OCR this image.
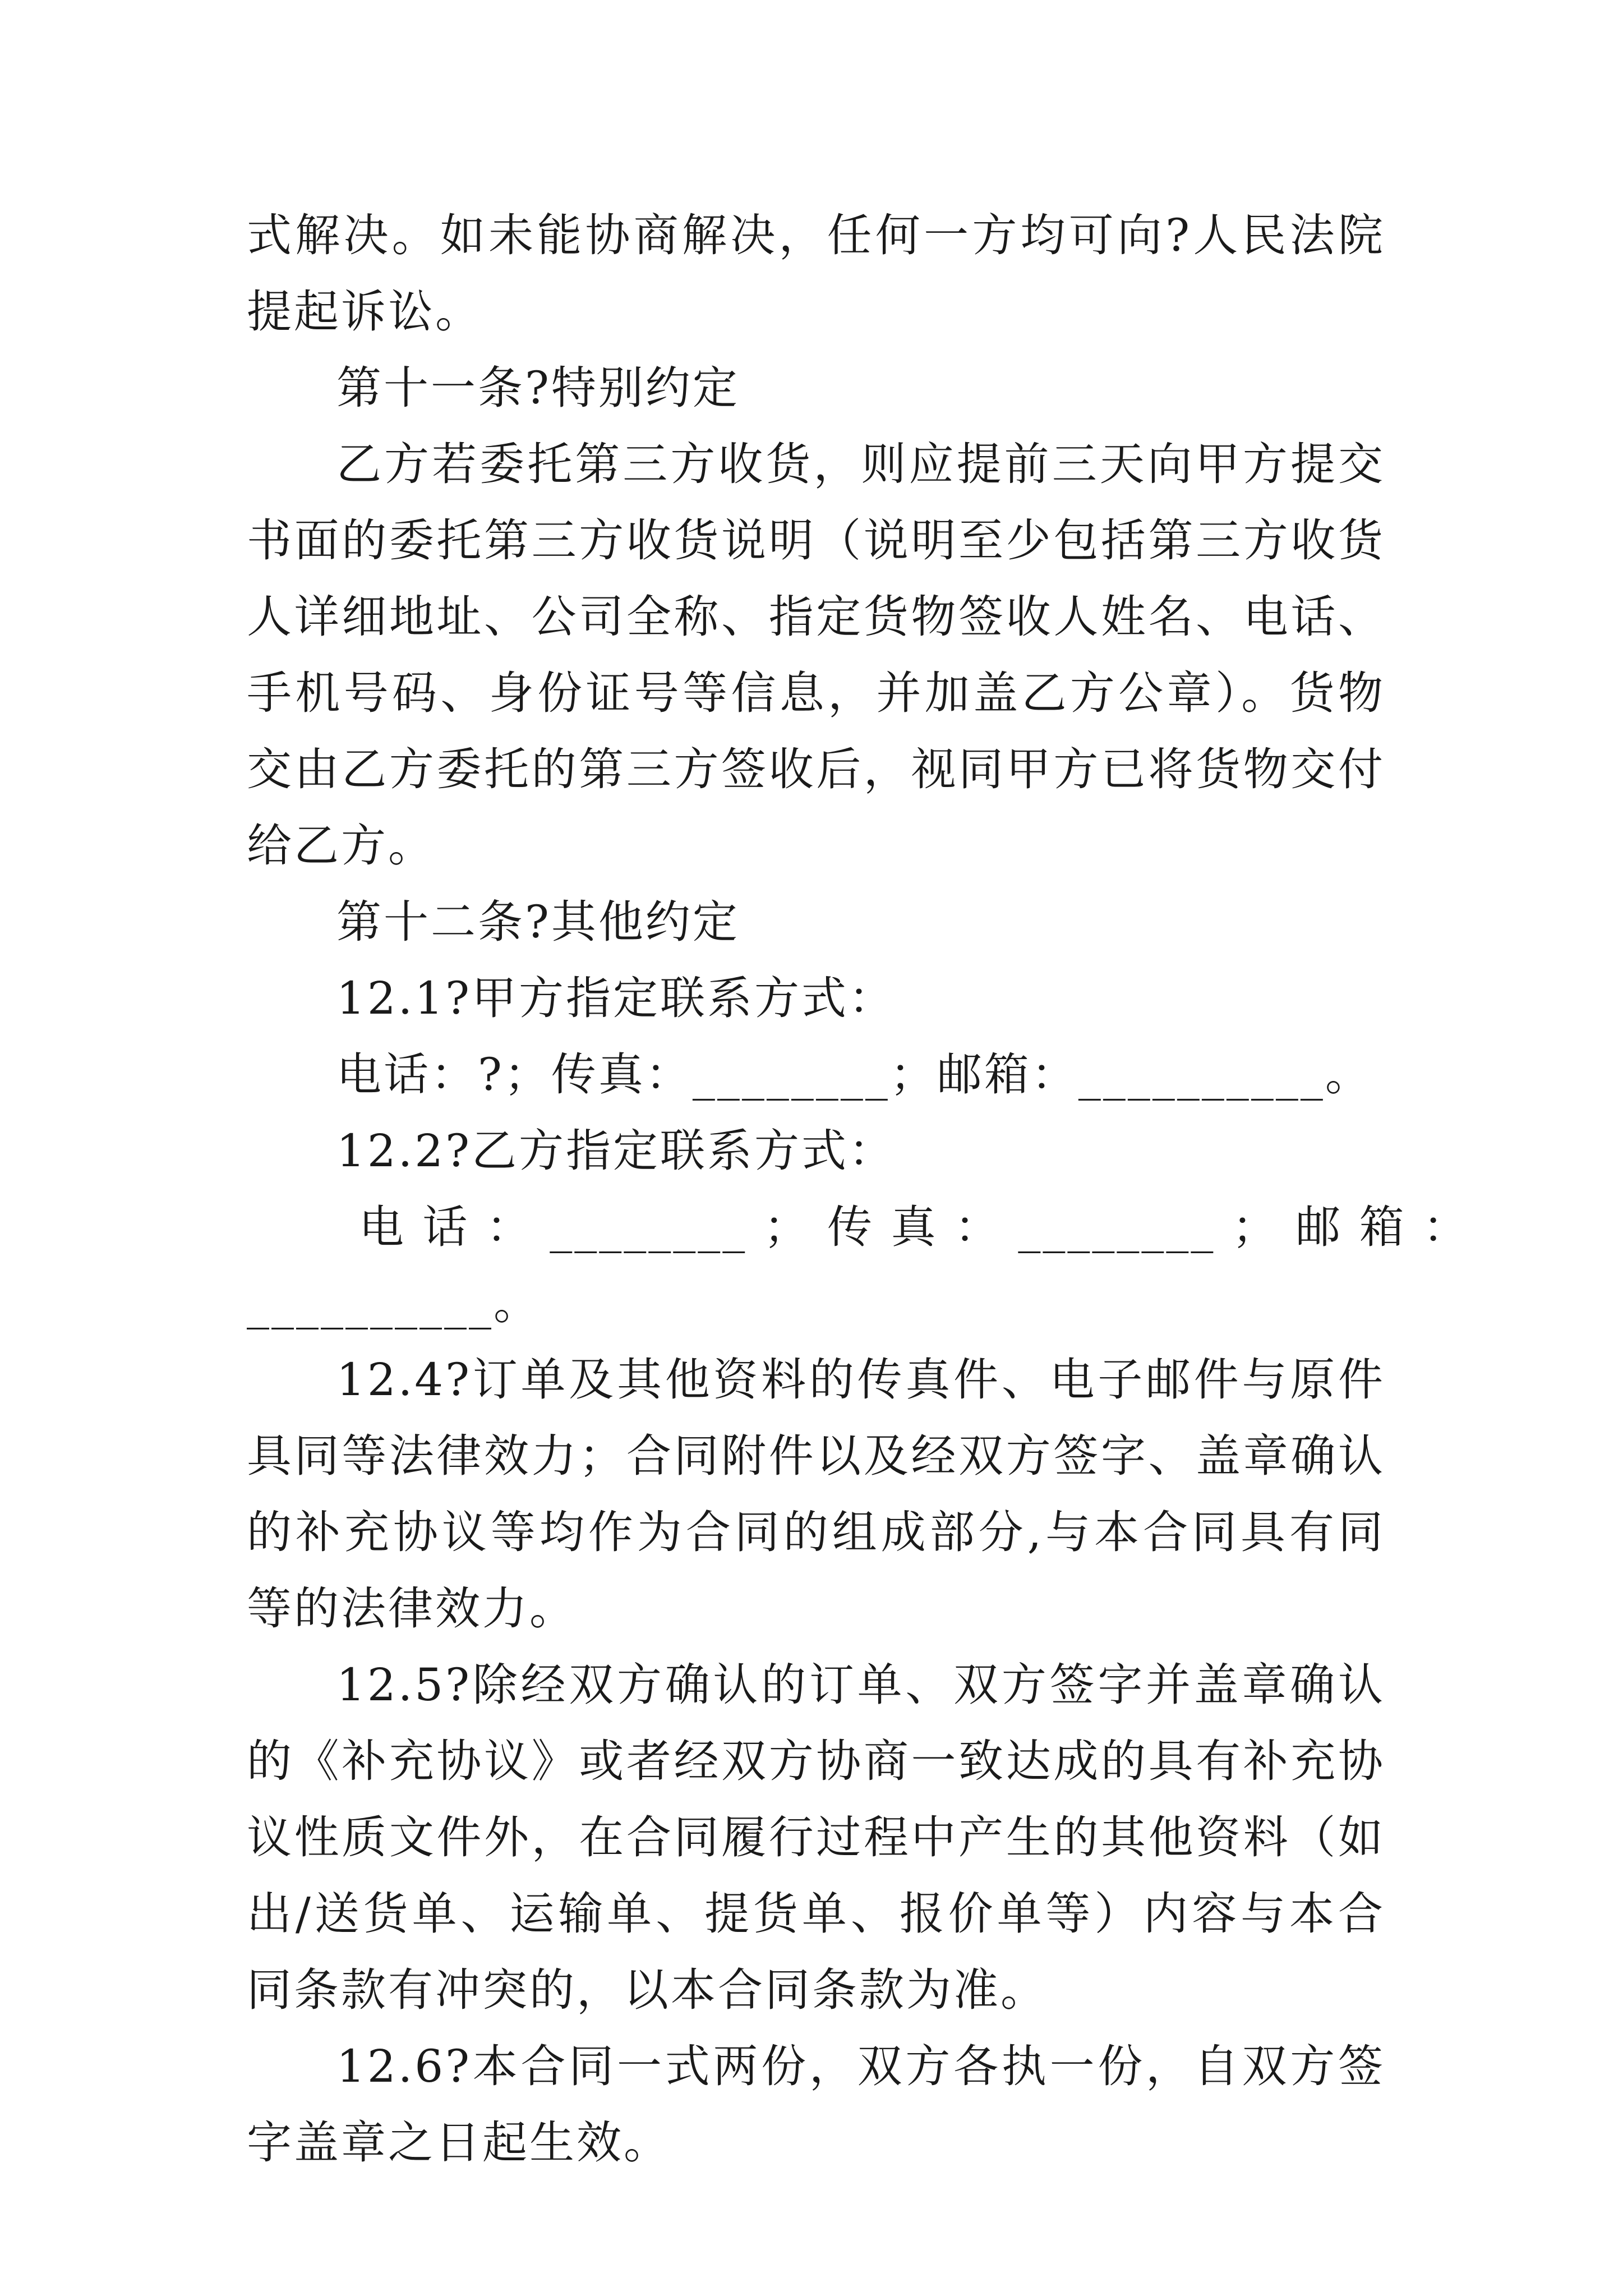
式解决。如未能协商解决，任何一方均可向?人民法院提起诉讼。

第十一条?特别约定

乙方若委托第三方收货，则应提前三天向甲方提交书面的委托第三方收货说明（说明至少包括第三方收货人详细地址、公司全称、指定货物签收人姓名、电话、手机号码、身份证号等信息，并加盖乙方公章）。货物交由乙方委托的第三方签收后，视同甲方已将货物交付给乙方。

第十二条?其他约定

12.1?甲方指定联系方式：

电话：?；传真：________；邮箱：__________。

12.2?乙方指定联系方式：

电 话 ： ________ ； 传 真 ： ________ ； 邮 箱 ：

__________。

12.4?订单及其他资料的传真件、电子邮件与原件具同等法律效力；合同附件以及经双方签字、盖章确认的补充协议等均作为合同的组成部分,与本合同具有同等的法律效力。

12.5?除经双方确认的订单、双方签字并盖章确认的《补充协议》或者经双方协商一致达成的具有补充协议性质文件外，在合同履行过程中产生的其他资料（如出/送货单、运输单、提货单、报价单等）内容与本合同条款有冲突的，以本合同条款为准。

12.6?本合同一式两份，双方各执一份，自双方签字盖章之日起生效。
